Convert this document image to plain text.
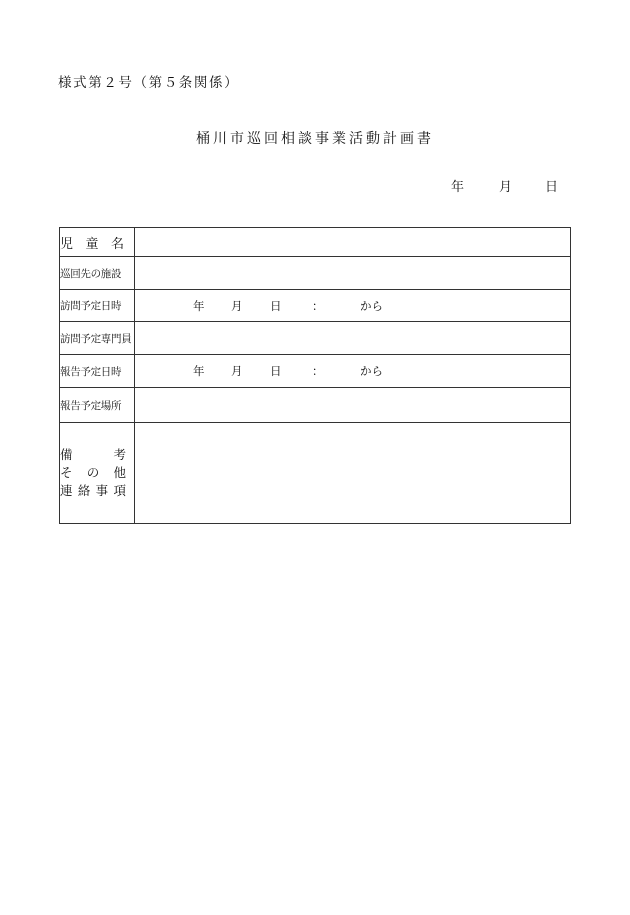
様式第２号（第５条関係）
桶川市巡回相談事業活動計画書
年	月	日
児 童 名	
巡回先の施設	
訪問予定日時	年 月 日 ： から

訪問予定専門員	
報告予定日時	年 月 日 ： から

報告予定場所	

備　　考
そ の 他
連絡事項	
